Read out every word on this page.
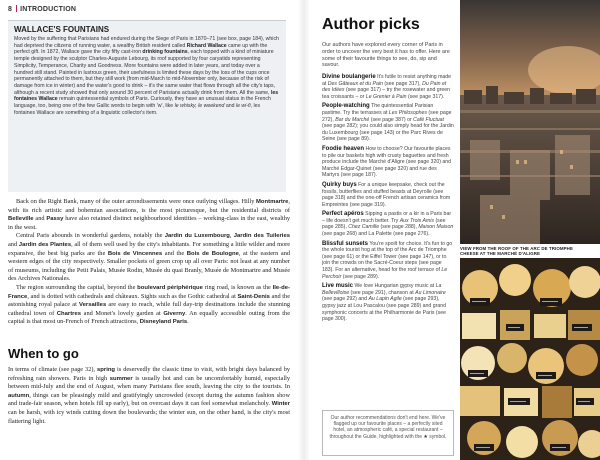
8 INTRODUCTION
WALLACE'S FOUNTAINS

Moved by the suffering that Parisians had endured during the Siege of Paris in 1870–71 (see box, page 184), which had deprived the citizens of running water, a wealthy British resident called Richard Wallace came up with the perfect gift. In 1872, Wallace gave the city fifty cast-iron drinking fountains, each topped with a kind of miniature temple designed by the sculptor Charles-Auguste Lebourg, its roof supported by four caryatids representing Simplicity, Temperance, Charity and Goodness. More fountains were added in later years, and today over a hundred still stand. Painted in lustrous green, their usefulness is limited these days by the loss of the cups once permanently attached to them, but they still work (from mid-March to mid-November only, because of the risk of damage from ice in winter) and the water's good to drink – it's the same water that flows through all the city's taps, although a recent study showed that only around 30 percent of Parisians actually drink from them. All the same, les fontaines Wallace remain quintessential symbols of Paris. Curiously, they have an unusual status in the French language, too, being one of the few Gallic words to begin with 'w', like le whisky, le weekend and le wi-fi, les fontaines Wallace are something of a linguistic collector's item.

Back on the Right Bank, many of the outer arrondissements were once outlying villages. Hilly Montmartre, with its rich artistic and bohemian associations, is the most picturesque, but the residential districts of Belleville and Passy have also retained distinct neighbourhood identities – working-class in the east, wealthy in the west.

Central Paris abounds in wonderful gardens, notably the Jardin du Luxembourg, Jardin des Tuileries and Jardin des Plantes, all of them well used by the city's inhabitants. For something a little wilder and more expansive, the best big parks are the Bois de Vincennes and the Bois de Boulogne, at the eastern and western edges of the city respectively. Smaller pockets of green crop up all over Paris: not least at any number of museums, including the Petit Palais, Musée Rodin, Musée du quai Branly, Musée de Montmartre and Musée des Archives Nationales.

The region surrounding the capital, beyond the boulevard périphérique ring road, is known as the Ile-de-France, and is dotted with cathedrals and châteaux. Sights such as the Gothic cathedral at Saint-Denis and the astonishing royal palace at Versailles are easy to reach, while full day-trip destinations include the stunning cathedral town of Chartres and Monet's lovely garden at Giverny. An equally accessible outing from the capital is that most un-French of French attractions, Disneyland Paris.

When to go

In terms of climate (see page 32), spring is deservedly the classic time to visit, with bright days balanced by refreshing rain showers. Paris in high summer is usually hot and can be uncomfortably humid, especially between mid-July and the end of August, when many Parisians flee south, leaving the city to the tourists. In autumn, things can be pleasingly mild and gratifyingly uncrowded (except during the autumn fashion show and trade-fair season, when hotels fill up early), but on overcast days it can feel somewhat melancholy. Winter can be harsh, with icy winds cutting down the boulevards; the winter sun, on the other hand, is the city's most flattering light.

Author picks
Our authors have explored every corner of Paris in order to uncover the very best it has to offer. Here are some of their favourite things to see, do, sip and savour.
Divine boulangerie It's futile to resist anything made at Des Gâteaux et du Pain (see page 317), Du Pain et des Idées (see page 317) – try the rosewater and green tea croissants – or Le Grenier à Pain (see page 317).
People-watching The quintessential Parisian pastime. Try the terrasses at Les Philosophes (see page 272), Bar du Marché (see page 387) or Café Fluctuat (see page 282); you could also simply head for the Jardin du Luxembourg (see page 143) or the Parc Rives de Seine (see page 89).
Foodie heaven How to choose? Our favourite places to pile our baskets high with crusty baguettes and fresh produce include the Marché d'Aligre (see page 320) and Marché Edgar-Quinet (see page 320) and rue des Martyrs (see page 187).
Quirky buys For a unique keepsake, check out the fossils, butterflies and stuffed beasts at Deyrolle (see page 318) and the one-off French artisan ceramics from Empreintes (see page 319).
Perfect apéros Sipping a pastis or a kir in a Paris bar – life doesn't get much better. Try Aux Trois Amis (see page 285), Chez Camille (see page 288), Maison Maison (see page 268) and La Palette (see page 276).
Blissful sunsets You're spoilt for choice. It's fun to go the whole tourist hog at the top of the Arc de Triomphe (see page 61) or the Eiffel Tower (see page 147), or to join the crowds on the Sacré-Coeur steps (see page 183). For an alternative, head for the roof terrace of Le Perchoir (see page 289).
Live music We love Hungarian gypsy music at La Bellevilloise (see page 291), chanson at Au Limonaire (see page 292) and Au Lapin Agile (see page 293), gypsy jazz at Lou Pascalou (see page 289) and grand symphonic concerts at the Philharmonie de Paris (see page 300).
Our author recommendations don't end here. We've flagged up our favourite places – a perfectly sited hotel, an atmospheric café, a special restaurant – throughout the Guide, highlighted with the ★ symbol.
VIEW FROM THE ROOF OF THE ARC DE TRIOMPHE
CHEESE AT THE MARCHÉ D'ALIGRE
